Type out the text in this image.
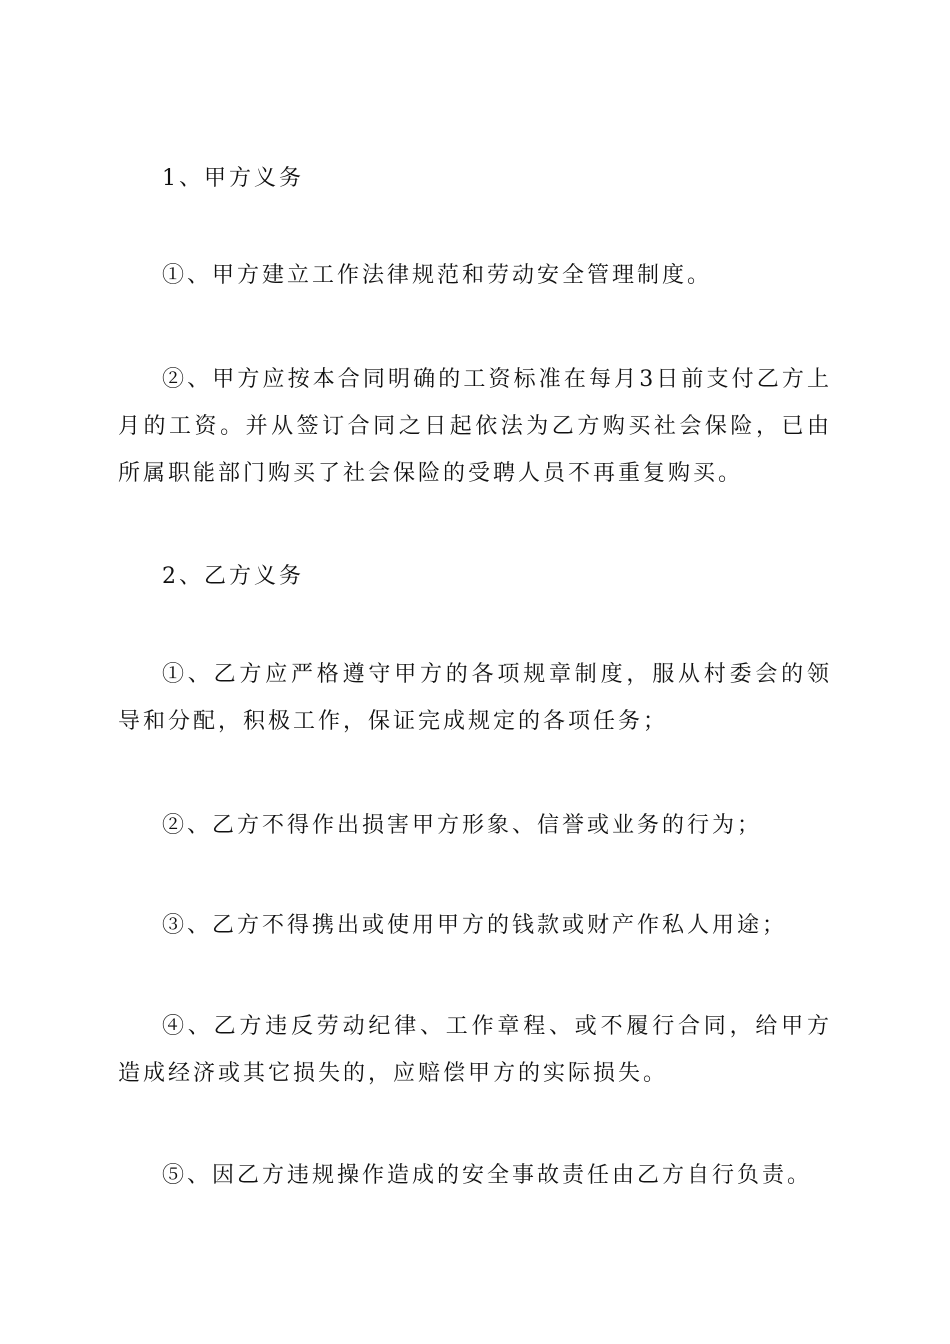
1、甲方义务

①、甲方建立工作法律规范和劳动安全管理制度。

②、甲方应按本合同明确的工资标准在每月3日前支付乙方上月的工资。并从签订合同之日起依法为乙方购买社会保险，已由所属职能部门购买了社会保险的受聘人员不再重复购买。

2、乙方义务

①、乙方应严格遵守甲方的各项规章制度，服从村委会的领导和分配，积极工作，保证完成规定的各项任务；

②、乙方不得作出损害甲方形象、信誉或业务的行为；

③、乙方不得携出或使用甲方的钱款或财产作私人用途；

④、乙方违反劳动纪律、工作章程、或不履行合同，给甲方造成经济或其它损失的，应赔偿甲方的实际损失。

⑤、因乙方违规操作造成的安全事故责任由乙方自行负责。
